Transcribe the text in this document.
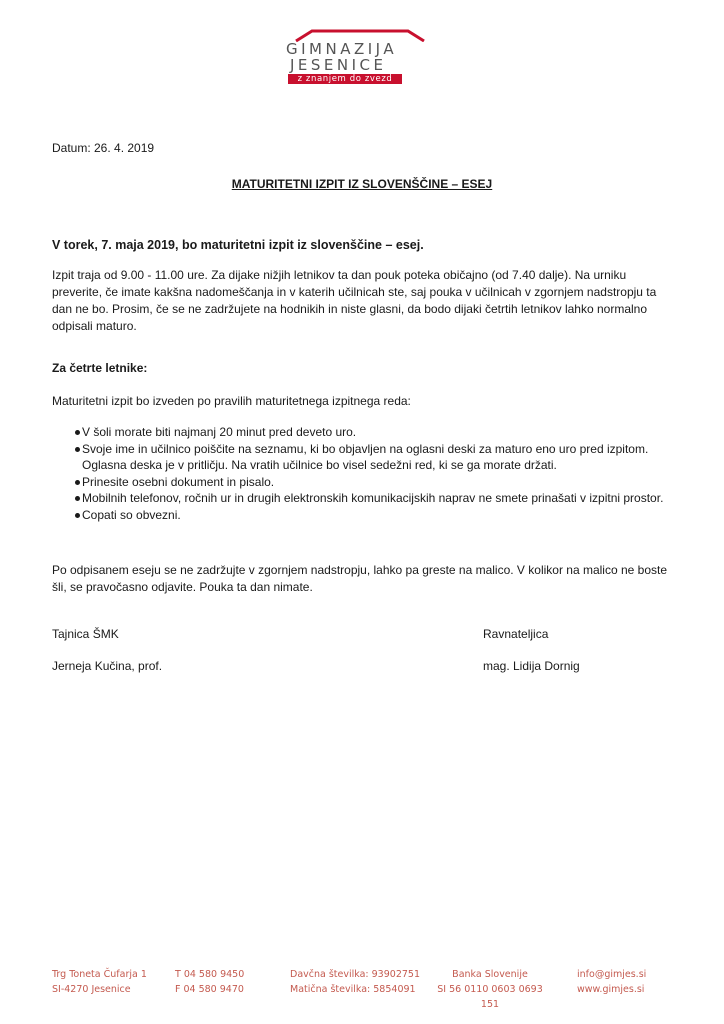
GIMNAZIJA
JESENICE
z znanjem do zvezd
Datum: 26. 4. 2019
MATURITETNI IZPIT IZ SLOVENŠČINE – ESEJ
V torek, 7. maja 2019, bo maturitetni izpit iz slovenščine – esej.
Izpit traja od 9.00 - 11.00 ure. Za dijake nižjih letnikov ta dan pouk poteka običajno (od 7.40 dalje). Na urniku preverite, če imate kakšna nadomeščanja in v katerih učilnicah ste, saj pouka v učilnicah v zgornjem nadstropju ta dan ne bo. Prosim, če se ne zadržujete na hodnikih in niste glasni, da bodo dijaki četrtih letnikov lahko normalno odpisali maturo.
Za četrte letnike:
Maturitetni izpit bo izveden po pravilih maturitetnega izpitnega reda:
V šoli morate biti najmanj 20 minut pred deveto uro.
Svoje ime in učilnico poiščite na seznamu, ki bo objavljen na oglasni deski za maturo eno uro pred izpitom. Oglasna deska je v pritličju. Na vratih učilnice bo visel sedežni red, ki se ga morate držati.
Prinesite osebni dokument in pisalo.
Mobilnih telefonov, ročnih ur in drugih elektronskih komunikacijskih naprav ne smete prinašati v izpitni prostor.
Copati so obvezni.
Po odpisanem eseju se ne zadržujte v zgornjem nadstropju, lahko pa greste na malico. V kolikor na malico ne boste šli, se pravočasno odjavite. Pouka ta dan nimate.
Tajnica ŠMK
Jerneja Kučina, prof.
Ravnateljica
mag. Lidija Dornig
Trg Toneta Čufarja 1
SI-4270 Jesenice
T 04 580 9450
F 04 580 9470
Davčna številka: 93902751
Matična številka: 5854091
Banka Slovenije
SI 56 0110 0603 0693 151
info@gimjes.si
www.gimjes.si
